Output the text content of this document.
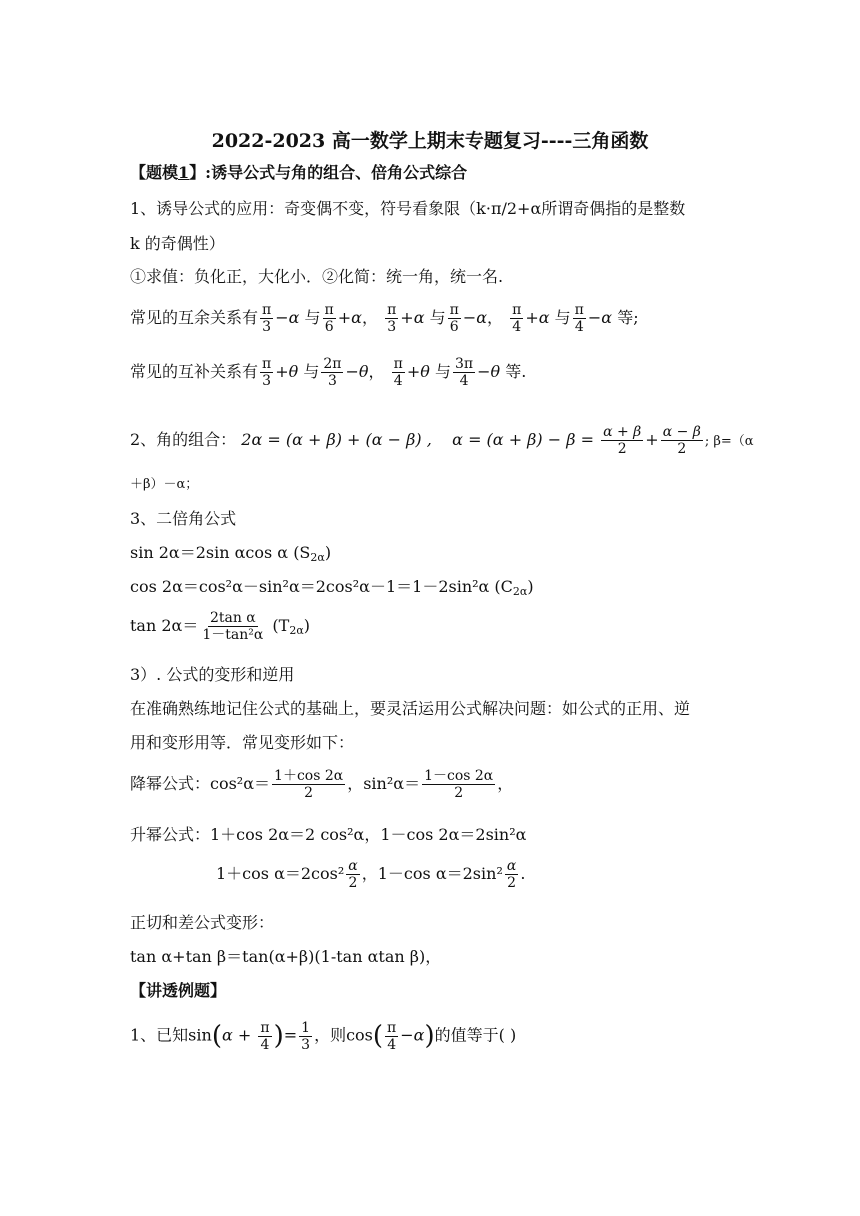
2022-2023 高一数学上期末专题复习----三角函数
【题模1】:诱导公式与角的组合、倍角公式综合
1、诱导公式的应用：奇变偶不变，符号看象限（k·π/2+α所谓奇偶指的是整数
k 的奇偶性）
①求值：负化正，大化小．②化简：统一角，统一名.
常见的互余关系有 $\frac{\pi}{3} -\alpha$ 与 $\frac{\pi}{6} +\alpha$， $\frac{\pi}{3} +\alpha$ 与 $\frac{\pi}{6} -\alpha$， $\frac{\pi}{4} +\alpha$ 与 $\frac{\pi}{4} -\alpha$ 等;
常见的互补关系有 $\frac{\pi}{3} +\theta$ 与 $\frac{2\pi}{3} -\theta$， $\frac{\pi}{4} +\theta$ 与 $\frac{3\pi}{4} -\theta$ 等.
2、角的组合： 2α = (α + β) + (α − β) , $\alpha = (\alpha + \beta) - \beta = \frac{\alpha + \beta}{2} + \frac{\alpha - \beta}{2}$ ; β=（α
＋β）－α；
3、二倍角公式
sin 2α＝2sin αcos α $(S_{2\alpha})$
cos 2α＝cos²α－sin²α＝2cos²α－1＝1－2sin²α $(C_{2\alpha})$
$\tan 2\alpha= \frac{\text{2tan α}}{\text{1－tan²α}} (T_{2\alpha})$
3）. 公式的变形和逆用
在准确熟练地记住公式的基础上，要灵活运用公式解决问题：如公式的正用、逆
用和变形用等．常见变形如下：
降幂公式：$\cos^2\alpha= \frac{1+\cos 2\alpha}{2}$ ，$\sin^2\alpha= \frac{1-\cos 2\alpha}{2}$ ，
升幂公式：1＋cos 2α＝2 cos²α，1－cos 2α＝2sin²α
1＋cos $\alpha=2\cos^2 \frac{\alpha}{2}$ ，1－cos $\alpha=2\sin^2 \frac{\alpha}{2}$ .
正切和差公式变形：
tan α+tan β＝tan(α+β)(1-tan αtan β)，
【讲透例题】
1、已知$\sin(\alpha + \frac{\pi}{4}$ )= $\frac{1}{3}$ ，则$\cos( \frac{\pi}{4} -\alpha)$的值等于( )
